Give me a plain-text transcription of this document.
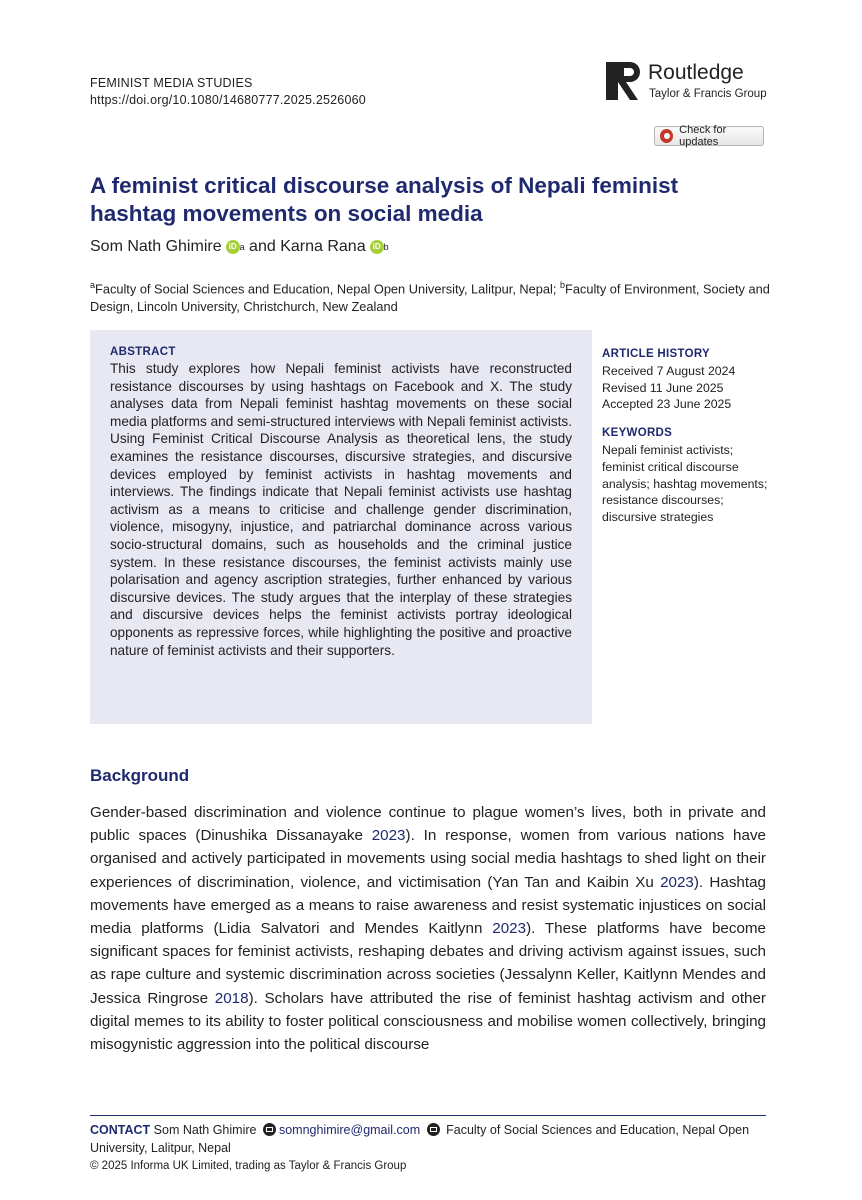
FEMINIST MEDIA STUDIES
https://doi.org/10.1080/14680777.2025.2526060
Routledge
Taylor & Francis Group
Check for updates
A feminist critical discourse analysis of Nepali feminist hashtag movements on social media
Som Nath Ghimire iD a and Karna Rana iD b
$^a$Faculty of Social Sciences and Education, Nepal Open University, Lalitpur, Nepal; $^b$Faculty of Environment, Society and Design, Lincoln University, Christchurch, New Zealand
ABSTRACT
This study explores how Nepali feminist activists have reconstructed resistance discourses by using hashtags on Facebook and X. The study analyses data from Nepali feminist hashtag movements on these social media platforms and semi-structured interviews with Nepali feminist activists. Using Feminist Critical Discourse Analysis as theoretical lens, the study examines the resistance discourses, discursive strategies, and discursive devices employed by feminist activists in hashtag movements and interviews. The findings indicate that Nepali feminist activists use hashtag activism as a means to criticise and challenge gender discrimination, violence, misogyny, injustice, and patriarchal dominance across various socio-structural domains, such as households and the criminal justice system. In these resistance discourses, the feminist activists mainly use polarisation and agency ascription strategies, further enhanced by various discursive devices. The study argues that the interplay of these strategies and discursive devices helps the feminist activists portray ideological opponents as repressive forces, while highlighting the positive and proactive nature of feminist activists and their supporters.
ARTICLE HISTORY
Received 7 August 2024
Revised 11 June 2025
Accepted 23 June 2025
KEYWORDS
Nepali feminist activists; feminist critical discourse analysis; hashtag movements; resistance discourses; discursive strategies
Background
Gender-based discrimination and violence continue to plague women’s lives, both in private and public spaces (Dinushika Dissanayake 2023). In response, women from various nations have organised and actively participated in movements using social media hashtags to shed light on their experiences of discrimination, violence, and victimisation (Yan Tan and Kaibin Xu 2023). Hashtag movements have emerged as a means to raise awareness and resist systematic injustices on social media platforms (Lidia Salvatori and Mendes Kaitlynn 2023). These platforms have become significant spaces for feminist activists, reshaping debates and driving activism against issues, such as rape culture and systemic discrimination across societies (Jessalynn Keller, Kaitlynn Mendes and Jessica Ringrose 2018). Scholars have attributed the rise of feminist hashtag activism and other digital memes to its ability to foster political consciousness and mobilise women collectively, bringing misogynistic aggression into the political discourse
CONTACT Som Nath Ghimire somnghimire@gmail.com  Faculty of Social Sciences and Education, Nepal Open University, Lalitpur, Nepal
© 2025 Informa UK Limited, trading as Taylor & Francis Group
